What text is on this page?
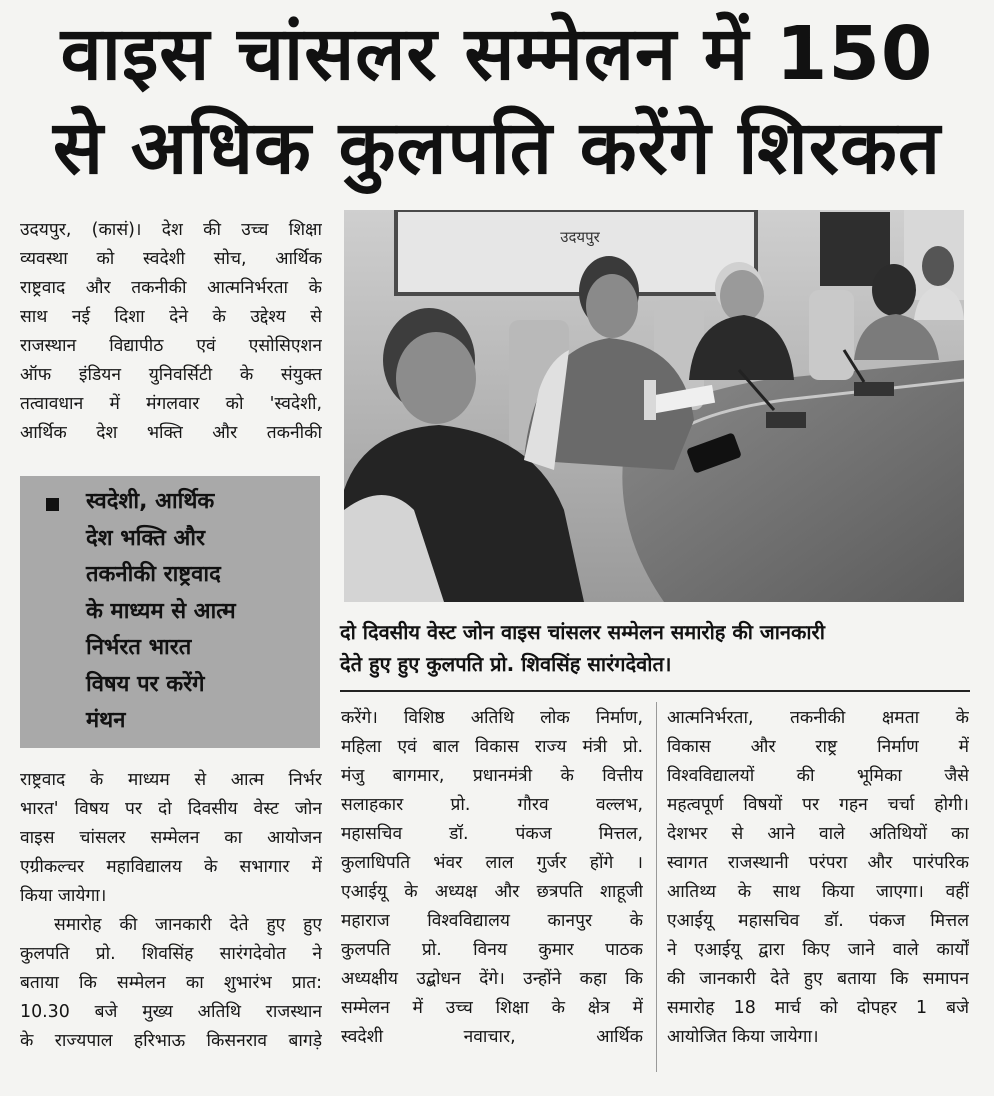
वाइस चांसलर सम्मेलन में 150
से अधिक कुलपति करेंगे शिरकत
उदयपुर, (कासं)। देश की उच्च शिक्षा
व्यवस्था को स्वदेशी सोच, आर्थिक
राष्ट्रवाद और तकनीकी आत्मनिर्भरता के
साथ नई दिशा देने के उद्देश्य से
राजस्थान विद्यापीठ एवं एसोसिएशन
ऑफ इंडियन युनिवर्सिटी के संयुक्त
तत्वावधान में मंगलवार को 'स्वदेशी,
आर्थिक देश भक्ति और तकनीकी
स्वदेशी, आर्थिक
देश भक्ति और
तकनीकी राष्ट्रवाद
के माध्यम से आत्म
निर्भरत भारत
विषय पर करेंगे
मंथन
राष्ट्रवाद के माध्यम से आत्म निर्भर
भारत' विषय पर दो दिवसीय वेस्ट जोन
वाइस चांसलर सम्मेलन का आयोजन
एग्रीकल्चर महाविद्यालय के सभागार में
किया जायेगा।
समारोह की जानकारी देते हुए हुए
कुलपति प्रो. शिवसिंह सारंगदेवोत ने
बताया कि सम्मेलन का शुभारंभ प्रात:
10.30 बजे मुख्य अतिथि राजस्थान
के राज्यपाल हरिभाऊ किसनराव बागड़े
उदयपुर
दो दिवसीय वेस्ट जोन वाइस चांसलर सम्मेलन समारोह की जानकारी
देते हुए हुए कुलपति प्रो. शिवसिंह सारंगदेवोत।
करेंगे। विशिष्ठ अतिथि लोक निर्माण,
महिला एवं बाल विकास राज्य मंत्री प्रो.
मंजु बागमार, प्रधानमंत्री के वित्तीय
सलाहकार प्रो. गौरव वल्लभ,
महासचिव डॉ. पंकज मित्तल,
कुलाधिपति भंवर लाल गुर्जर होंगे ।
एआईयू के अध्यक्ष और छत्रपति शाहूजी
महाराज विश्वविद्यालय कानपुर के
कुलपति प्रो. विनय कुमार पाठक
अध्यक्षीय उद्बोधन देंगे। उन्होंने कहा कि
सम्मेलन में उच्च शिक्षा के क्षेत्र में
स्वदेशी नवाचार, आर्थिक
आत्मनिर्भरता, तकनीकी क्षमता के
विकास और राष्ट्र निर्माण में
विश्वविद्यालयों की भूमिका जैसे
महत्वपूर्ण विषयों पर गहन चर्चा होगी।
देशभर से आने वाले अतिथियों का
स्वागत राजस्थानी परंपरा और पारंपरिक
आतिथ्य के साथ किया जाएगा। वहीं
एआईयू महासचिव डॉ. पंकज मित्तल
ने एआईयू द्वारा किए जाने वाले कार्यों
की जानकारी देते हुए बताया कि समापन
समारोह 18 मार्च को दोपहर 1 बजे
आयोजित किया जायेगा।
